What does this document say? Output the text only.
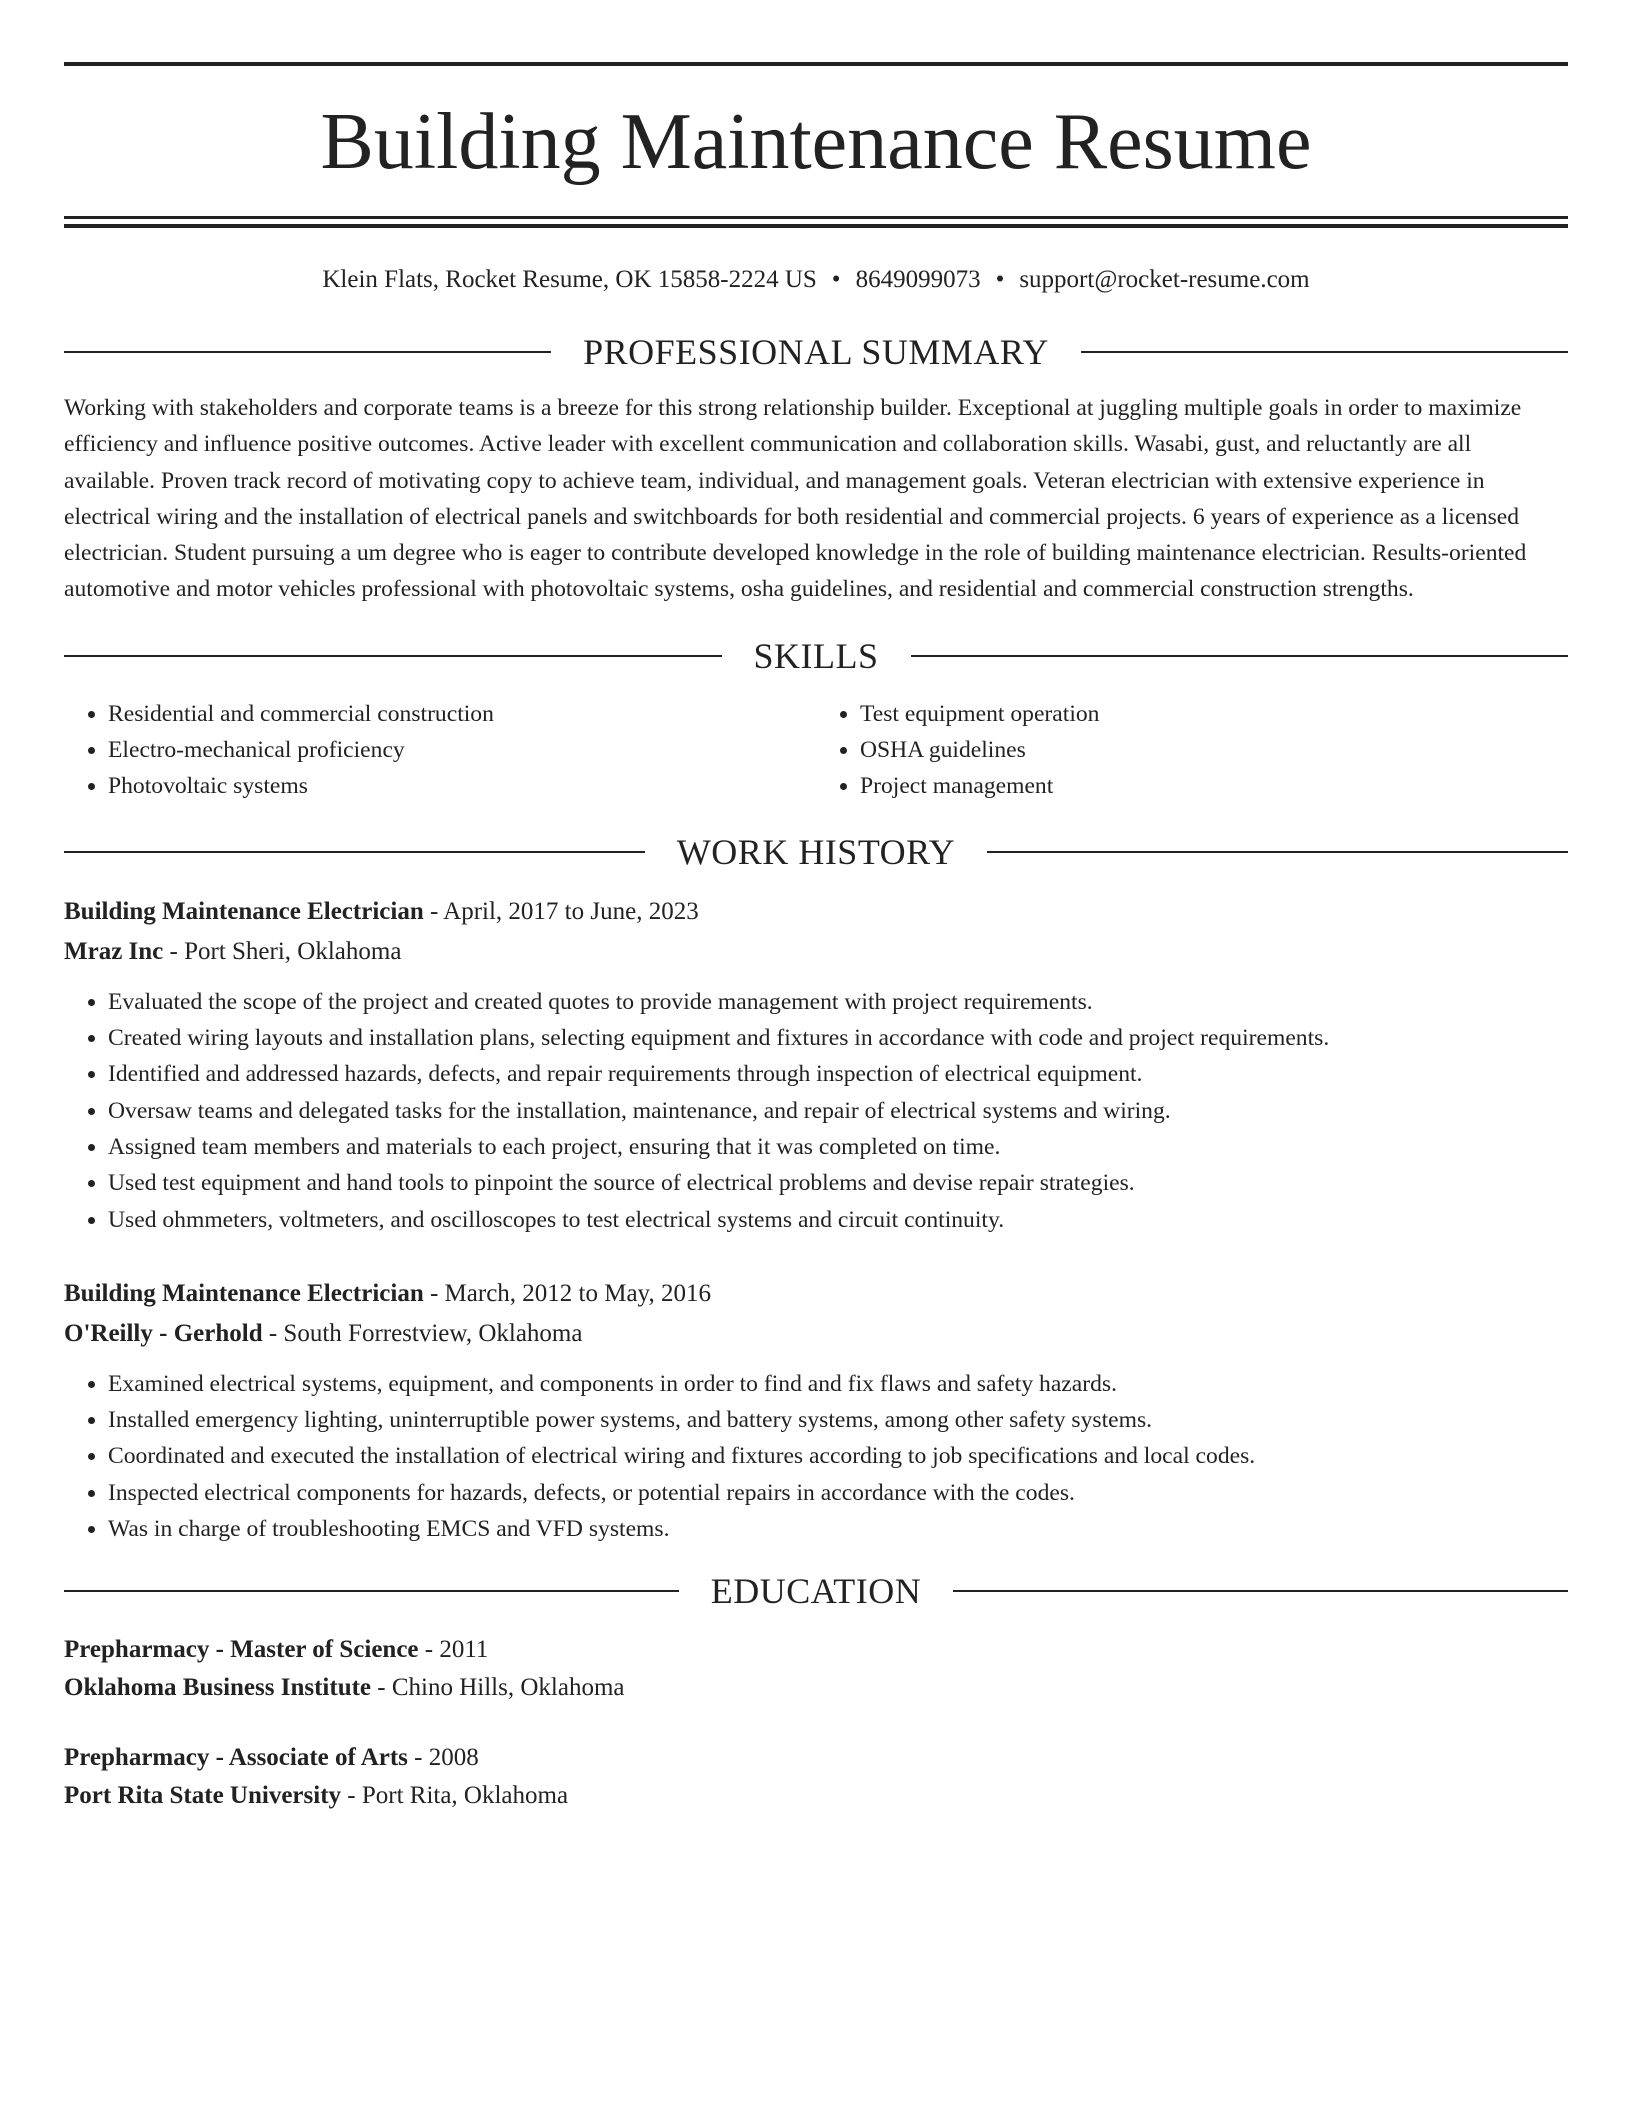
Building Maintenance Resume
Klein Flats, Rocket Resume, OK 15858-2224 US • 8649099073 • support@rocket-resume.com
PROFESSIONAL SUMMARY

Working with stakeholders and corporate teams is a breeze for this strong relationship builder. Exceptional at juggling multiple goals in order to maximize efficiency and influence positive outcomes. Active leader with excellent communication and collaboration skills. Wasabi, gust, and reluctantly are all available. Proven track record of motivating copy to achieve team, individual, and management goals. Veteran electrician with extensive experience in electrical wiring and the installation of electrical panels and switchboards for both residential and commercial projects. 6 years of experience as a licensed electrician. Student pursuing a um degree who is eager to contribute developed knowledge in the role of building maintenance electrician. Results-oriented automotive and motor vehicles professional with photovoltaic systems, osha guidelines, and residential and commercial construction strengths.

SKILLS
• Residential and commercial construction
• Electro-mechanical proficiency
• Photovoltaic systems
• Test equipment operation
• OSHA guidelines
• Project management
WORK HISTORY
Building Maintenance Electrician - April, 2017 to June, 2023
Mraz Inc - Port Sheri, Oklahoma
• Evaluated the scope of the project and created quotes to provide management with project requirements.
• Created wiring layouts and installation plans, selecting equipment and fixtures in accordance with code and project requirements.
• Identified and addressed hazards, defects, and repair requirements through inspection of electrical equipment.
• Oversaw teams and delegated tasks for the installation, maintenance, and repair of electrical systems and wiring.
• Assigned team members and materials to each project, ensuring that it was completed on time.
• Used test equipment and hand tools to pinpoint the source of electrical problems and devise repair strategies.
• Used ohmmeters, voltmeters, and oscilloscopes to test electrical systems and circuit continuity.
Building Maintenance Electrician - March, 2012 to May, 2016
O'Reilly - Gerhold - South Forrestview, Oklahoma
• Examined electrical systems, equipment, and components in order to find and fix flaws and safety hazards.
• Installed emergency lighting, uninterruptible power systems, and battery systems, among other safety systems.
• Coordinated and executed the installation of electrical wiring and fixtures according to job specifications and local codes.
• Inspected electrical components for hazards, defects, or potential repairs in accordance with the codes.
• Was in charge of troubleshooting EMCS and VFD systems.
EDUCATION
Prepharmacy - Master of Science - 2011
Oklahoma Business Institute - Chino Hills, Oklahoma
Prepharmacy - Associate of Arts - 2008
Port Rita State University - Port Rita, Oklahoma
